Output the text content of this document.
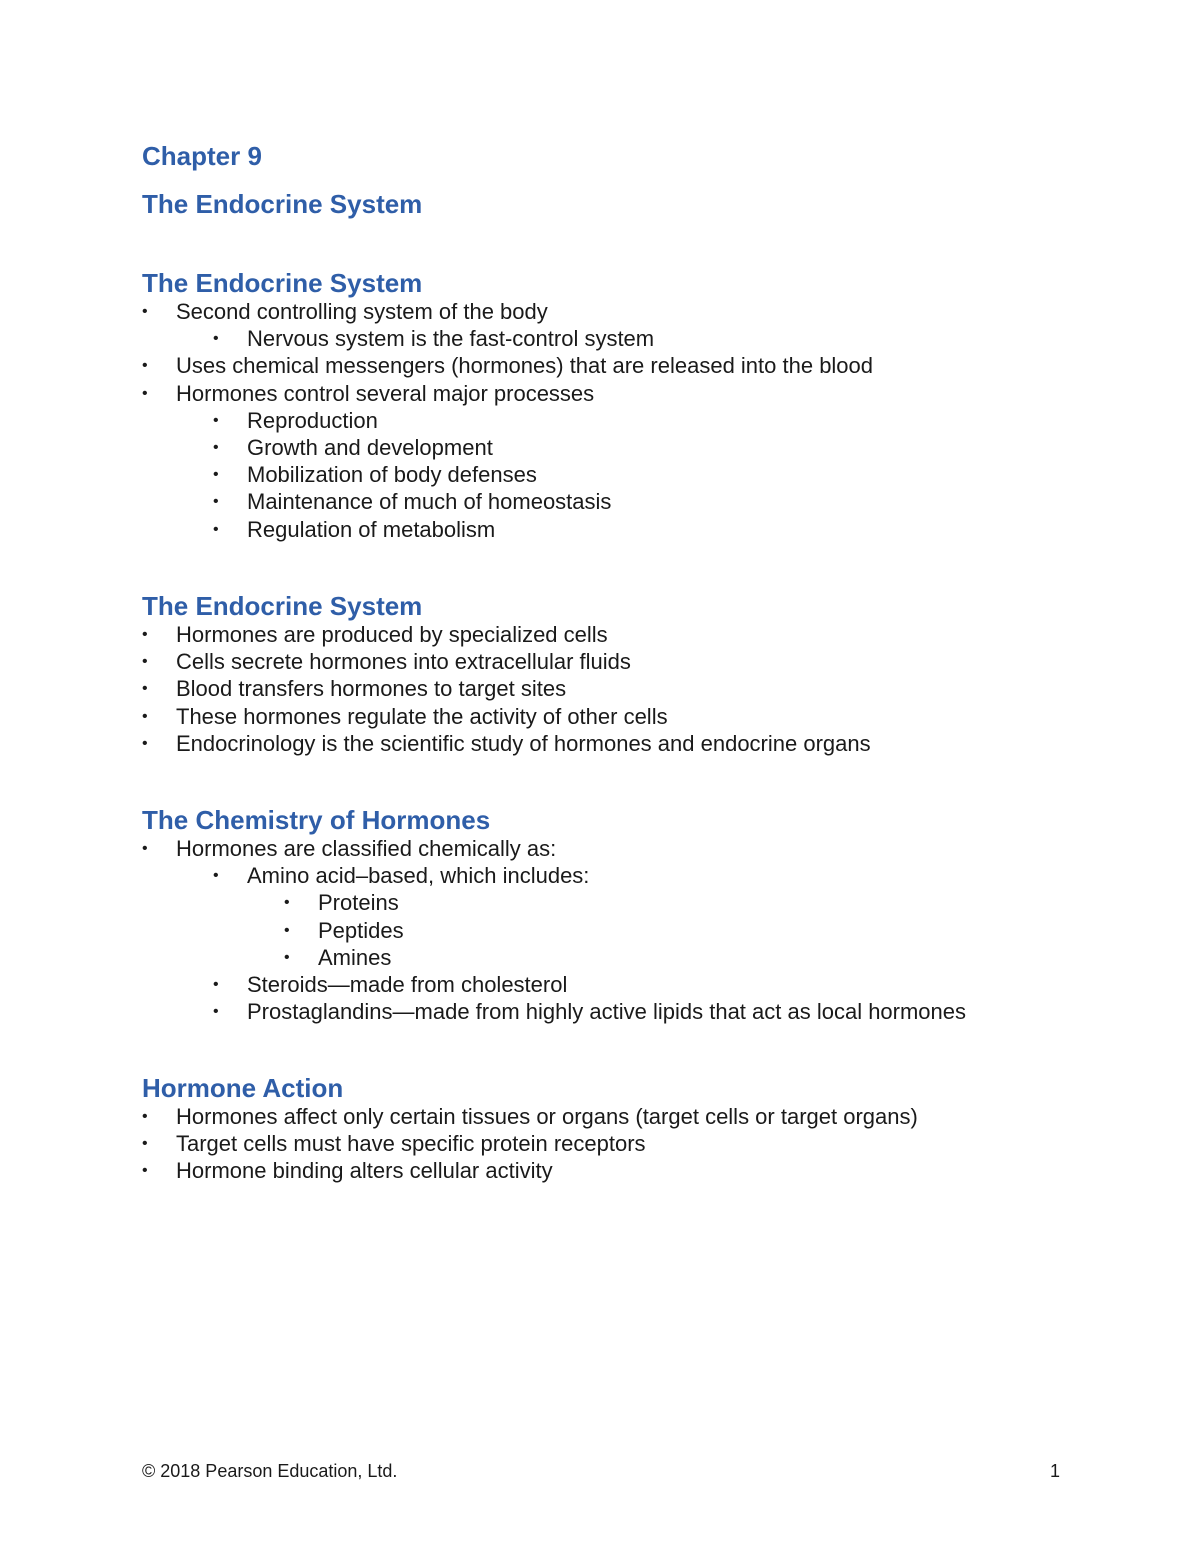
Chapter 9
The Endocrine System
The Endocrine System
• Second controlling system of the body
• Nervous system is the fast-control system
• Uses chemical messengers (hormones) that are released into the blood
• Hormones control several major processes
• Reproduction
• Growth and development
• Mobilization of body defenses
• Maintenance of much of homeostasis
• Regulation of metabolism
The Endocrine System
• Hormones are produced by specialized cells
• Cells secrete hormones into extracellular fluids
• Blood transfers hormones to target sites
• These hormones regulate the activity of other cells
• Endocrinology is the scientific study of hormones and endocrine organs
The Chemistry of Hormones
• Hormones are classified chemically as:
• Amino acid–based, which includes:
• Proteins
• Peptides
• Amines
• Steroids—made from cholesterol
• Prostaglandins—made from highly active lipids that act as local hormones
Hormone Action
• Hormones affect only certain tissues or organs (target cells or target organs)
• Target cells must have specific protein receptors
• Hormone binding alters cellular activity
© 2018 Pearson Education, Ltd.	1
